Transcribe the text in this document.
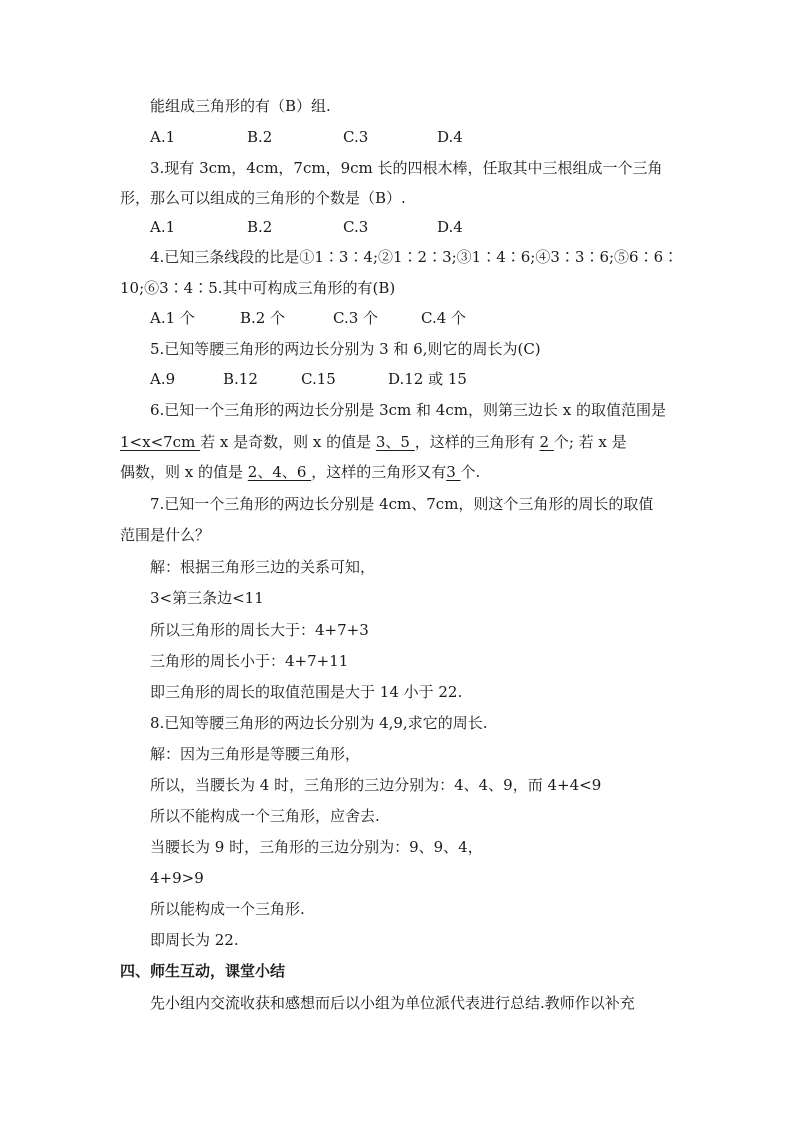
能组成三角形的有（B）组.
A.1	B.2	C.3	D.4
3.现有 3cm，4cm，7cm，9cm 长的四根木棒，任取其中三根组成一个三角
形，那么可以组成的三角形的个数是（B）.
A.1	B.2	C.3	D.4
4.已知三条线段的比是①1∶3∶4;②1∶2∶3;③1∶4∶6;④3∶3∶6;⑤6∶6∶
10;⑥3∶4∶5.其中可构成三角形的有(B)
A.1 个	B.2 个	C.3 个	C.4 个
5.已知等腰三角形的两边长分别为 3 和 6,则它的周长为(C)
A.9	B.12	C.15	D.12 或 15
6.已知一个三角形的两边长分别是 3cm 和 4cm，则第三边长 x 的取值范围是
1<x<7cm 若 x 是奇数，则 x 的值是 3、5 ，这样的三角形有 2 个; 若 x 是
偶数，则 x 的值是 2、4、6 ，这样的三角形又有3 个.
7.已知一个三角形的两边长分别是 4cm、7cm，则这个三角形的周长的取值
范围是什么？
解：根据三角形三边的关系可知，
3<第三条边<11
所以三角形的周长大于：4+7+3
三角形的周长小于：4+7+11
即三角形的周长的取值范围是大于 14 小于 22.
8.已知等腰三角形的两边长分别为 4,9,求它的周长.
解：因为三角形是等腰三角形，
所以，当腰长为 4 时，三角形的三边分别为：4、4、9，而 4+4<9
所以不能构成一个三角形，应舍去.
当腰长为 9 时，三角形的三边分别为：9、9、4，
4+9>9
所以能构成一个三角形.
即周长为 22.
四、师生互动，课堂小结
先小组内交流收获和感想而后以小组为单位派代表进行总结.教师作以补充
